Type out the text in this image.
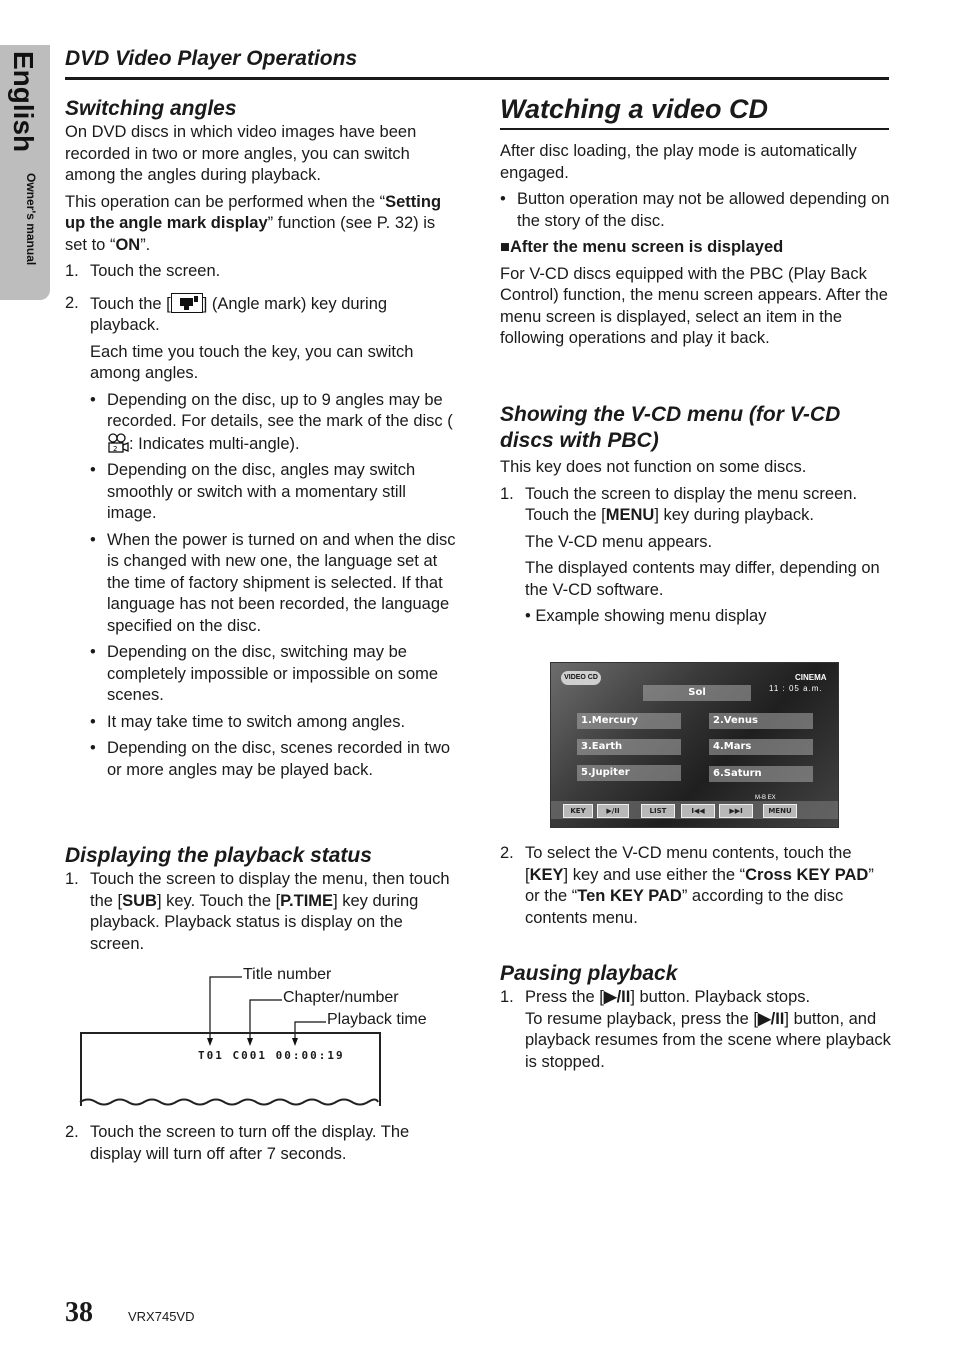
English
Owner's manual
DVD Video Player Operations
Switching angles

On DVD discs in which video images have been recorded in two or more angles, you can switch among the angles during playback.

This operation can be performed when the “Setting up the angle mark display” function (see P. 32) is set to “ON”.

1. Touch the screen.
2. Touch the [ ] (Angle mark) key during playback.

Each time you touch the key, you can switch among angles.

• Depending on the disc, up to 9 angles may be recorded. For details, see the mark of the disc (
2 : Indicates multi-angle).
• Depending on the disc, angles may switch smoothly or switch with a momentary still image.
• When the power is turned on and when the disc is changed with new one, the language set at the time of factory shipment is selected. If that language has not been recorded, the language specified on the disc.
• Depending on the disc, switching may be completely impossible or impossible on some scenes.
• It may take time to switch among angles.
• Depending on the disc, scenes recorded in two or more angles may be played back.
Displaying the playback status
1. Touch the screen to display the menu, then touch the [SUB] key. Touch the [P.TIME] key during playback. Playback status is display on the screen.
Title number
Chapter/number
Playback time
T01 C001 00:00:19
2. Touch the screen to turn off the display. The display will turn off after 7 seconds.
Watching a video CD

After disc loading, the play mode is automatically engaged.

• Button operation may not be allowed depending on the story of the disc.

■After the menu screen is displayed

For V-CD discs equipped with the PBC (Play Back Control) function, the menu screen appears. After the menu screen is displayed, select an item in the following operations and play it back.

Showing the V-CD menu (for V-CD discs with PBC)

This key does not function on some discs.

1. Touch the screen to display the menu screen. Touch the [MENU] key during playback.

The V-CD menu appears.

The displayed contents may differ, depending on the V-CD software.

• Example showing menu display

VIDEO CD	CINEMA
11 : 05 a.m.
Sol
1.Mercury	2.Venus
3.Earth	4.Mars
5.Jupiter	6.Saturn
M-B EX
KEY	▶/II	LIST	I◀◀	▶▶I	MENU
2. To select the V-CD menu contents, touch the [KEY] key and use either the “Cross KEY PAD” or the “Ten KEY PAD” according to the disc contents menu.
Pausing playback
1. Press the [▶/II] button. Playback stops.
To resume playback, press the [▶/II] button, and playback resumes from the scene where playback is stopped.
38	VRX745VD
